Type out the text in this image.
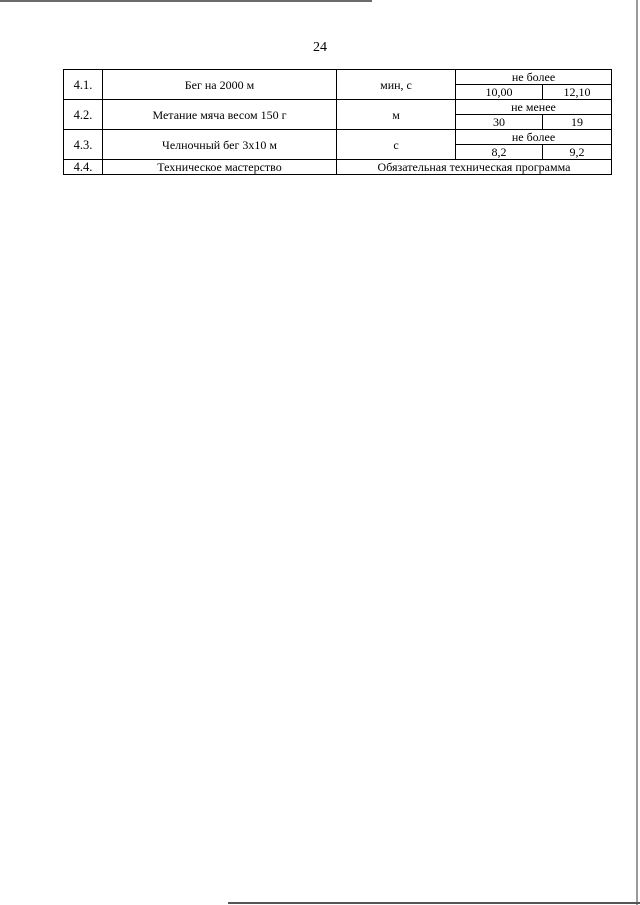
24
4.1.	Бег на 2000 м	мин, с	не более	
			10,00	12,10
4.2.	Метание мяча весом 150 г	м	не менее	
			30	19
4.3.	Челночный бег 3х10 м	с	не более	
			8,2	9,2
4.4.	Техническое мастерство	Обязательная техническая программа		
